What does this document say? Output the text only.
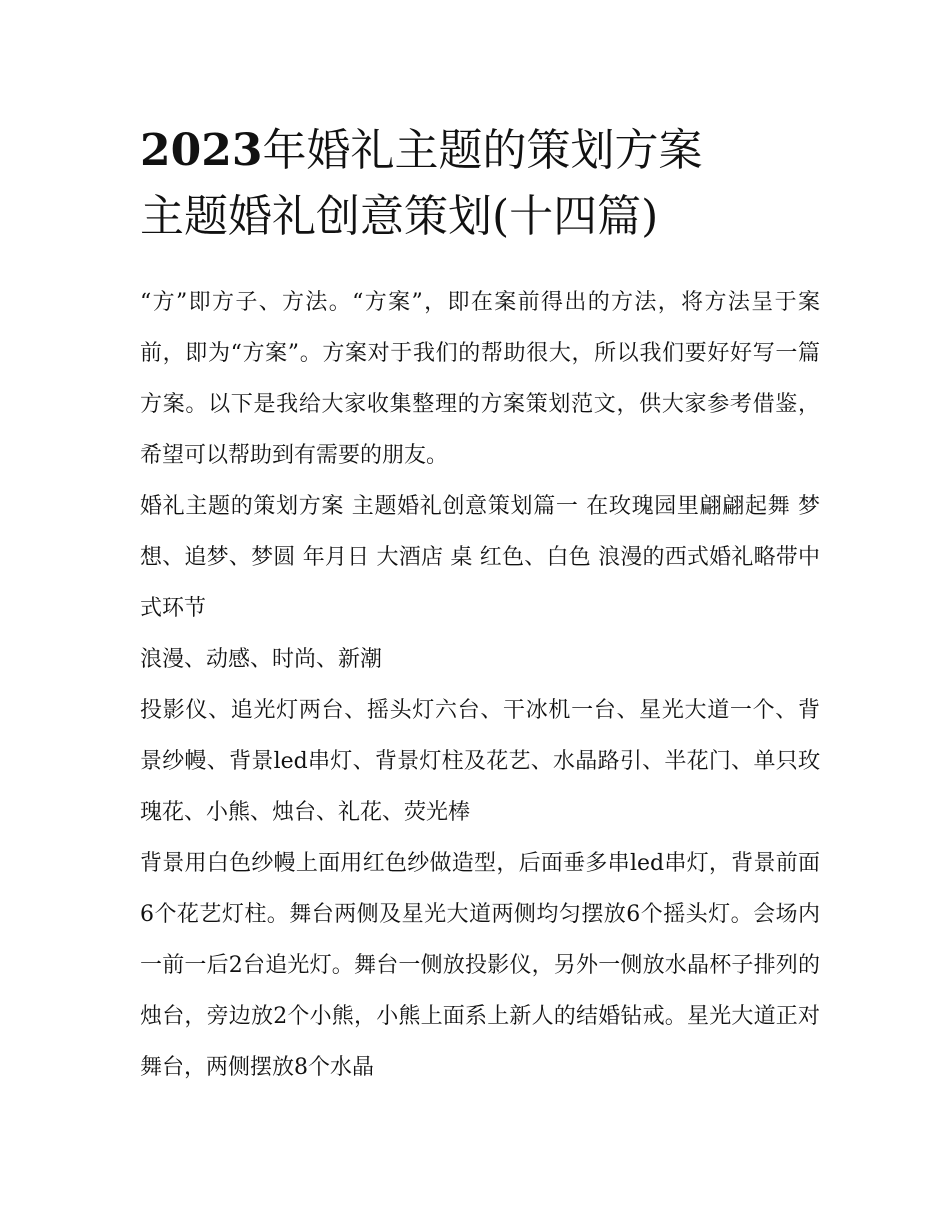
2023年婚礼主题的策划方案
主题婚礼创意策划(十四篇)

“方”即方子、方法。“方案”，即在案前得出的方法，将方法呈于案前，即为“方案”。方案对于我们的帮助很大，所以我们要好好写一篇方案。以下是我给大家收集整理的方案策划范文，供大家参考借鉴，希望可以帮助到有需要的朋友。

婚礼主题的策划方案 主题婚礼创意策划篇一 在玫瑰园里翩翩起舞 梦想、追梦、梦圆 年月日 大酒店 桌 红色、白色 浪漫的西式婚礼略带中式环节

浪漫、动感、时尚、新潮

投影仪、追光灯两台、摇头灯六台、干冰机一台、星光大道一个、背景纱幔、背景led串灯、背景灯柱及花艺、水晶路引、半花门、单只玫瑰花、小熊、烛台、礼花、荧光棒

背景用白色纱幔上面用红色纱做造型，后面垂多串led串灯，背景前面6个花艺灯柱。舞台两侧及星光大道两侧均匀摆放6个摇头灯。会场内一前一后2台追光灯。舞台一侧放投影仪，另外一侧放水晶杯子排列的烛台，旁边放2个小熊，小熊上面系上新人的结婚钻戒。星光大道正对舞台，两侧摆放8个水晶
